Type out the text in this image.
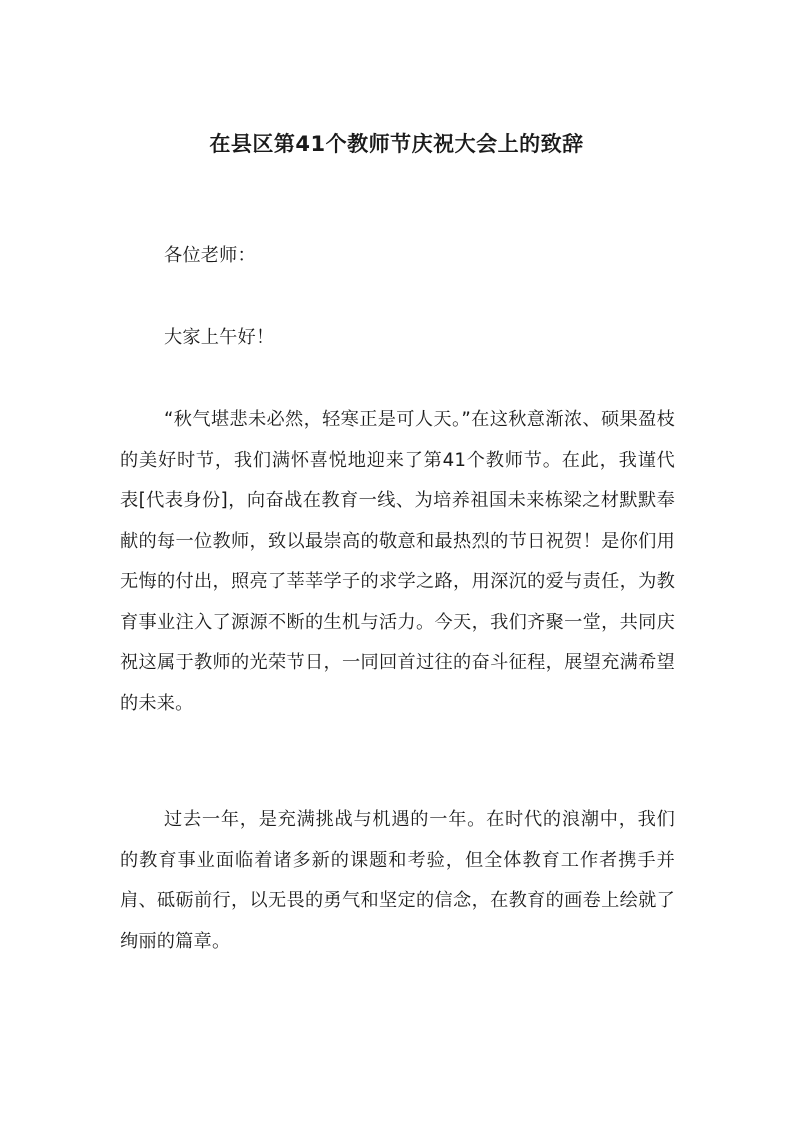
在县区第41个教师节庆祝大会上的致辞
各位老师：
大家上午好！
“秋气堪悲未必然，轻寒正是可人天。”在这秋意渐浓、硕果盈枝的美好时节，我们满怀喜悦地迎来了第41个教师节。在此，我谨代表[代表身份]，向奋战在教育一线、为培养祖国未来栋梁之材默默奉献的每一位教师，致以最崇高的敬意和最热烈的节日祝贺！是你们用无悔的付出，照亮了莘莘学子的求学之路，用深沉的爱与责任，为教育事业注入了源源不断的生机与活力。今天，我们齐聚一堂，共同庆祝这属于教师的光荣节日，一同回首过往的奋斗征程，展望充满希望的未来。
过去一年，是充满挑战与机遇的一年。在时代的浪潮中，我们的教育事业面临着诸多新的课题和考验，但全体教育工作者携手并肩、砥砺前行，以无畏的勇气和坚定的信念，在教育的画卷上绘就了绚丽的篇章。
